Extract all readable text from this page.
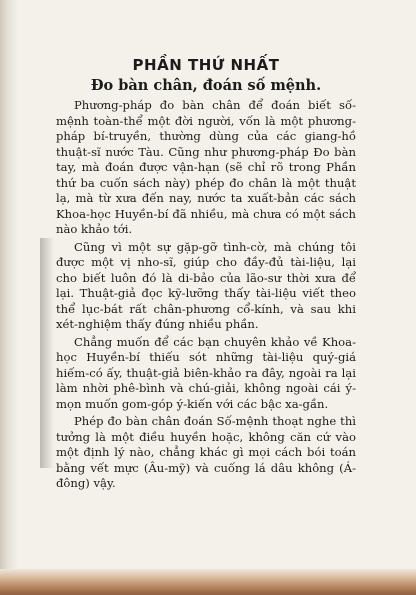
PHẦN THỨ NHẤT
Đo bàn chân, đoán số mệnh.

Phương-pháp đo bàn chân để đoán biết số-mệnh toàn-thể một đời người, vốn là một phương-pháp bí-truyền, thường dùng của các giang-hồ thuật-sĩ nước Tàu. Cũng như phương-pháp Đo bàn tay, mà đoán được vận-hạn (sẽ chỉ rõ trong Phần thứ ba cuốn sách này) phép đo chân là một thuật lạ, mà từ xưa đến nay, nước ta xuất-bản các sách Khoa-học Huyền-bí đã nhiều, mà chưa có một sách nào khảo tới.

Cũng vì một sự gặp-gỡ tình-cờ, mà chúng tôi được một vị nho-sĩ, giúp cho đầy-đủ tài-liệu, lại cho biết luôn đó là di-bảo của lão-sư thời xưa để lại. Thuật-giả đọc kỹ-lưỡng thấy tài-liệu viết theo thể lục-bát rất chân-phương cổ-kính, và sau khi xét-nghiệm thấy đúng nhiều phần.

Chẳng muốn để các bạn chuyên khảo về Khoa-học Huyền-bí thiếu sót những tài-liệu quý-giá hiếm-có ấy, thuật-giả biên-khảo ra đây, ngoài ra lại làm nhời phê-bình và chú-giải, không ngoài cái ý-mọn muốn gom-góp ý-kiến với các bậc xa-gần.

Phép đo bàn chân đoán Số-mệnh thoạt nghe thì tưởng là một điều huyền hoặc, không căn cứ vào một định lý nào, chẳng khác gì mọi cách bói toán bằng vết mực (Âu-mỹ) và cuống lá dâu không (Á-đông) vậy.
